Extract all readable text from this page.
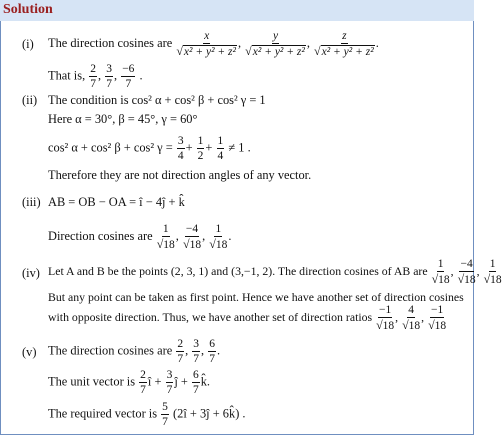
Solution
(i) The direction cosines are $\frac{x}{\text{√x² + y² + z²}}$ , $\frac{y}{\text{√x² + y² + z²}}$ , $\frac{z}{\text{√x² + y² + z²}}$ .
That is, $\frac{2}{7}$ , $\frac{3}{7}$ , $\frac{-6}{7}$ .
(ii) The condition is cos² α + cos² β + cos² γ = 1
Here α = 30°, β = 45°, γ = 60°
cos² α + cos² β + cos² $\gamma = \frac{3}{4} + \frac{1}{2} + \frac{1}{4} \ne 1$ .
Therefore they are not direction angles of any vector.
(iii) AB = OB − OA = î − 4ĵ + k̂
Direction cosines are $\frac{1}{√18}$ , $\frac{-4}{√18}$ , $\frac{1}{√18}$ .
(iv) Let A and B be the points (2, 3, 1) and (3,−1, 2). The direction cosines of AB are $\frac{1}{√18}$ , $\frac{-4}{√18}$ , $\frac{1}{√18}$
But any point can be taken as first point. Hence we have another set of direction cosines
with opposite direction. Thus, we have another set of direction ratios $\frac{-1}{√18}$ , $\frac{4}{√18}$ , $\frac{-1}{√18}$
(v) The direction cosines are $\frac{2}{7}$ , $\frac{3}{7}$ , $\frac{6}{7}$ .
The unit vector is $\frac{2}{7}$ î + $\frac{3}{7}$ ĵ + $\frac{6}{7}$ k̂.
The required vector is $\frac{5}{7}$ (2î + 3ĵ + 6k̂) .
